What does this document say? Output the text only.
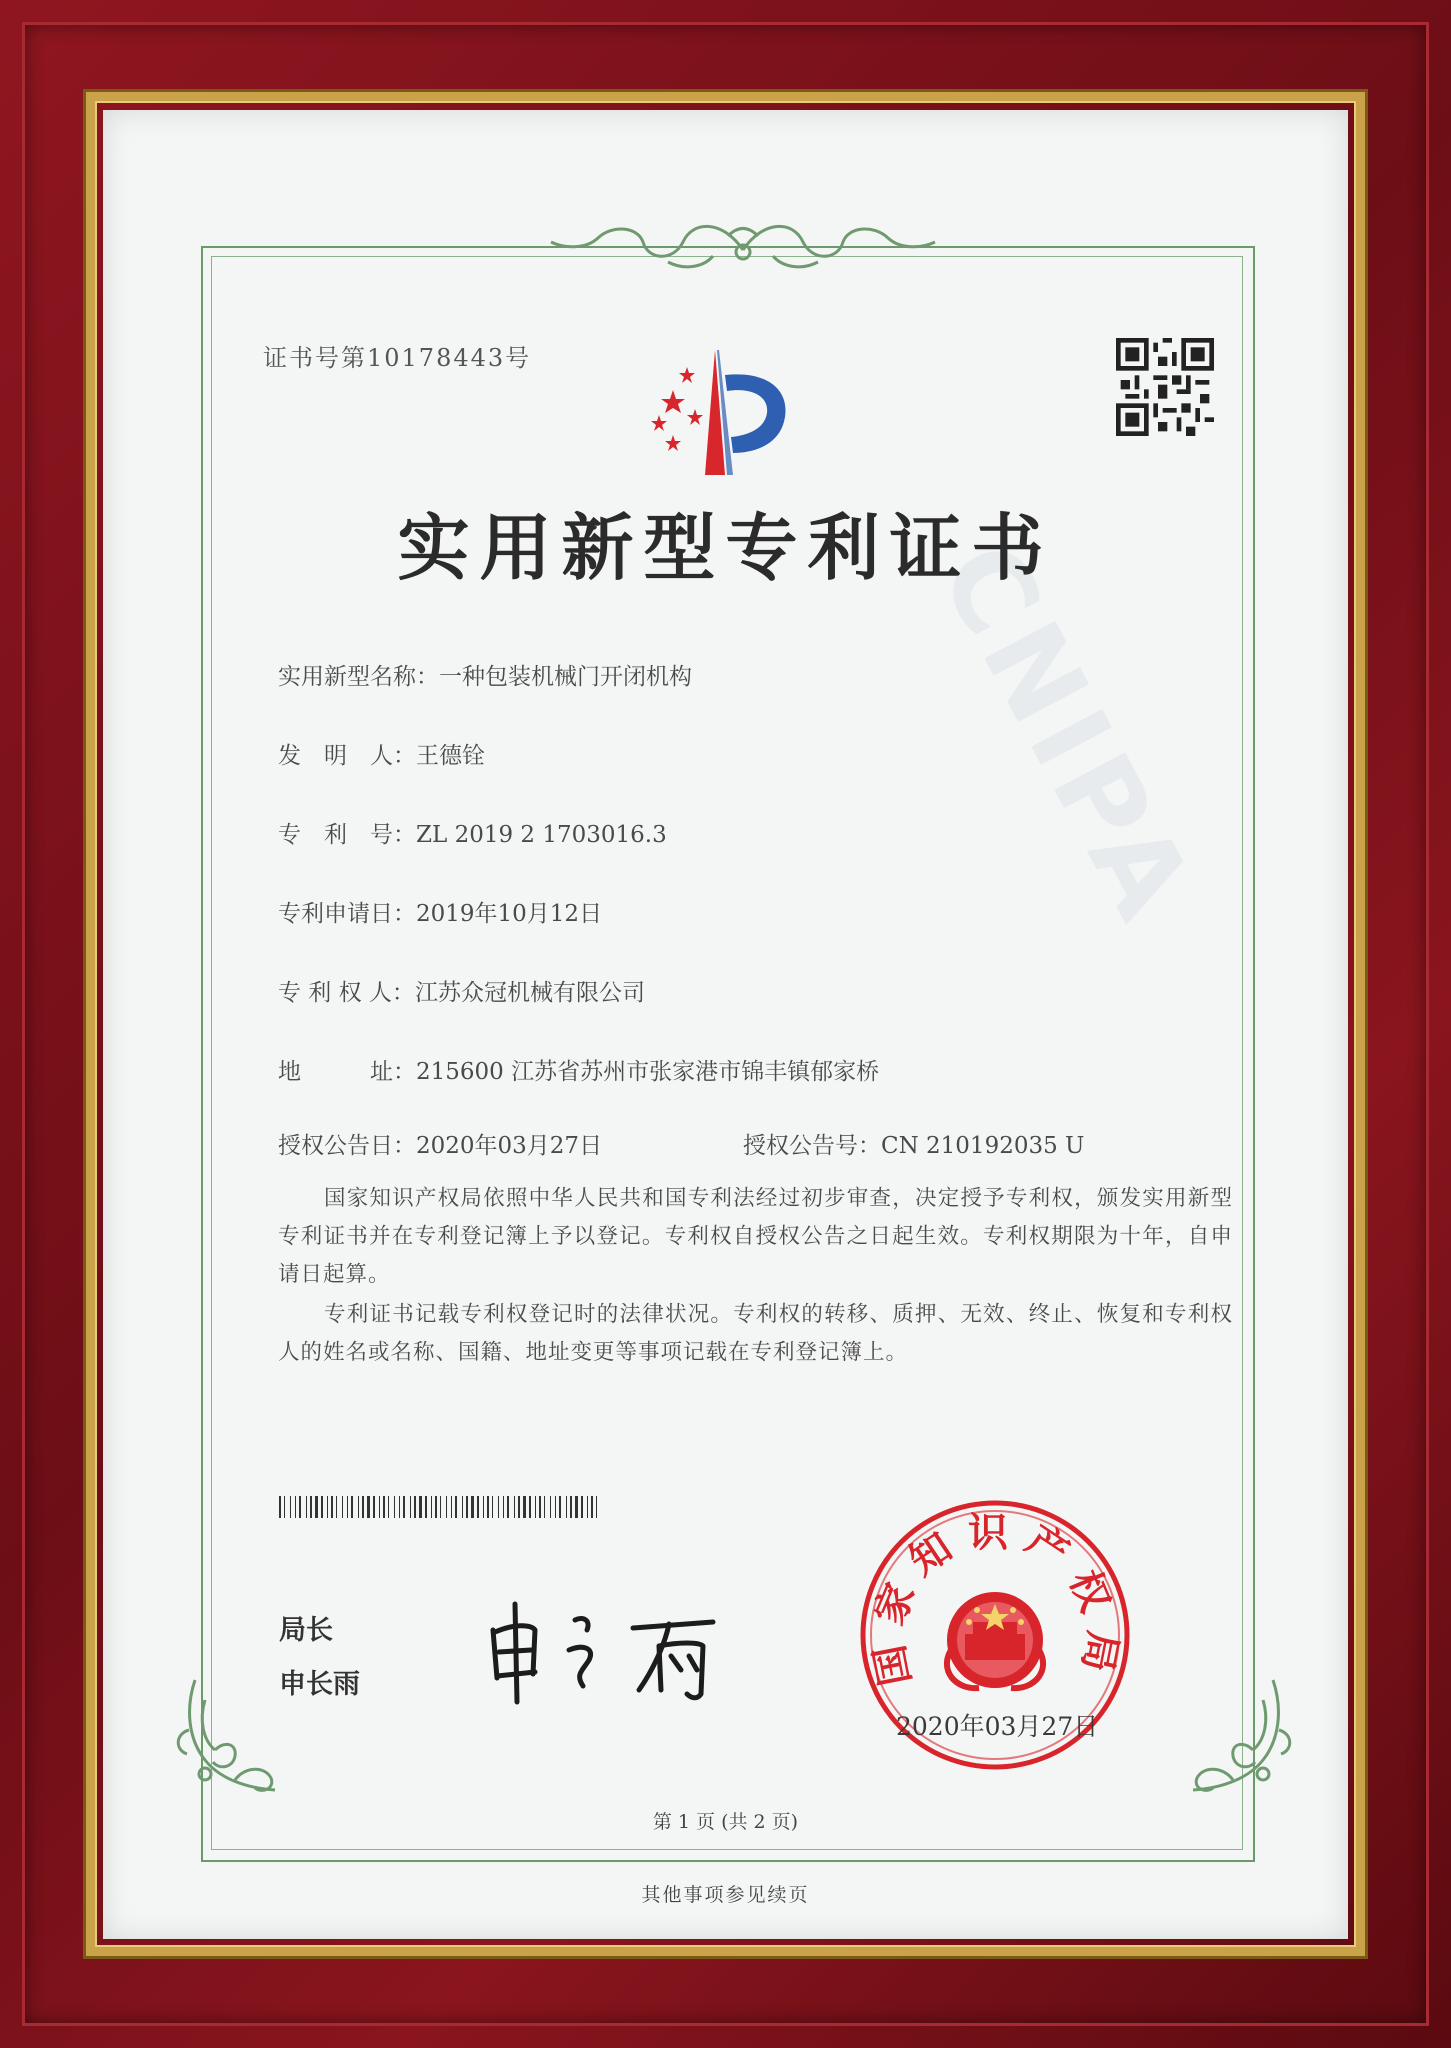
证书号第10178443号
CNIPA
实用新型专利证书
实用新型名称：一种包装机械门开闭机构
发　明　人：王德铨
专　利　号：ZL 2019 2 1703016.3
专利申请日：2019年10月12日
专 利 权 人：江苏众冠机械有限公司
地　　　址：215600 江苏省苏州市张家港市锦丰镇郁家桥
授权公告日：2020年03月27日	授权公告号：CN 210192035 U
国家知识产权局依照中华人民共和国专利法经过初步审查，决定授予专利权，颁发实用新型专利证书并在专利登记簿上予以登记。专利权自授权公告之日起生效。专利权期限为十年，自申请日起算。
专利证书记载专利权登记时的法律状况。专利权的转移、质押、无效、终止、恢复和专利权人的姓名或名称、国籍、地址变更等事项记载在专利登记簿上。
局长
申长雨	国家知识产权局
2020年03月27日
第 1 页 (共 2 页)
其他事项参见续页
